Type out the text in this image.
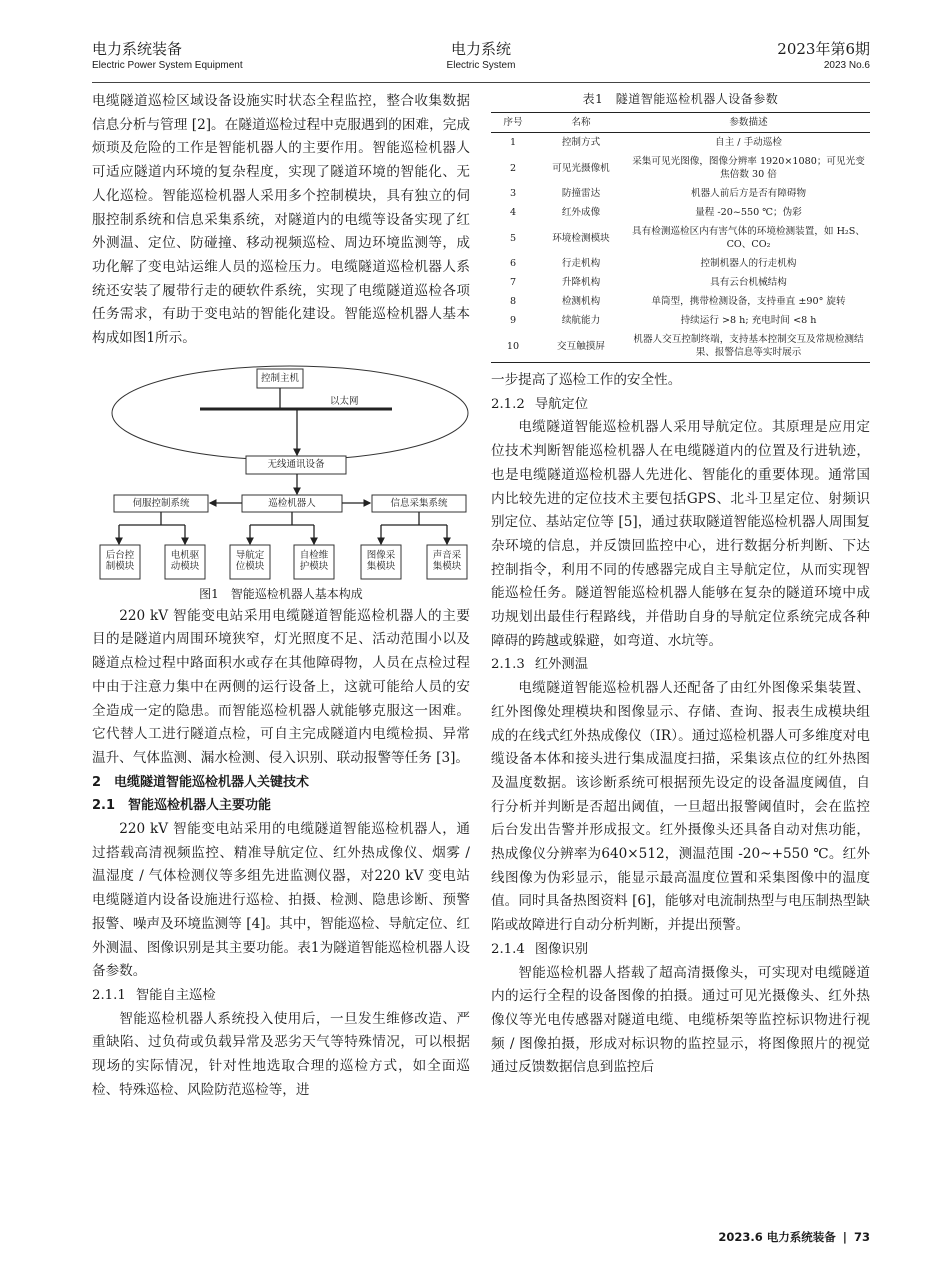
电力系统装备
Electric Power System Equipment
电力系统
Electric System
2023年第6期
2023 No.6

电缆隧道巡检区域设备设施实时状态全程监控，整合收集数据信息分析与管理 [2]。在隧道巡检过程中克服遇到的困难，完成烦琐及危险的工作是智能机器人的主要作用。智能巡检机器人可适应隧道内环境的复杂程度，实现了隧道环境的智能化、无人化巡检。智能巡检机器人采用多个控制模块，具有独立的伺服控制系统和信息采集系统，对隧道内的电缆等设备实现了红外测温、定位、防碰撞、移动视频巡检、周边环境监测等，成功化解了变电站运维人员的巡检压力。电缆隧道巡检机器人系统还安装了履带行走的硬软件系统，实现了电缆隧道巡检各项任务需求，有助于变电站的智能化建设。智能巡检机器人基本构成如图1所示。

控制主机
以太网
无线通讯设备
伺服控制系统	巡检机器人	信息采集系统
后台控制模块
电机驱动模块
导航定位模块
自检维护模块
图像采集模块
声音采集模块
图1　智能巡检机器人基本构成

220 kV 智能变电站采用电缆隧道智能巡检机器人的主要目的是隧道内周围环境狭窄，灯光照度不足、活动范围小以及隧道点检过程中路面积水或存在其他障碍物，人员在点检过程中由于注意力集中在两侧的运行设备上，这就可能给人员的安全造成一定的隐患。而智能巡检机器人就能够克服这一困难。它代替人工进行隧道点检，可自主完成隧道内电缆检损、异常温升、气体监测、漏水检测、侵入识别、联动报警等任务 [3]。

2　电缆隧道智能巡检机器人关键技术

2.1　智能巡检机器人主要功能

220 kV 智能变电站采用的电缆隧道智能巡检机器人，通过搭载高清视频监控、精准导航定位、红外热成像仪、烟雾 / 温湿度 / 气体检测仪等多组先进监测仪器，对220 kV 变电站电缆隧道内设备设施进行巡检、拍摄、检测、隐患诊断、预警报警、噪声及环境监测等 [4]。其中，智能巡检、导航定位、红外测温、图像识别是其主要功能。表1为隧道智能巡检机器人设备参数。

2.1.1 智能自主巡检

智能巡检机器人系统投入使用后，一旦发生维修改造、严重缺陷、过负荷或负载异常及恶劣天气等特殊情况，可以根据现场的实际情况，针对性地选取合理的巡检方式，如全面巡检、特殊巡检、风险防范巡检等，进

表1　隧道智能巡检机器人设备参数
序号	名称	参数描述
1	控制方式	自主 / 手动巡检
2	可见光摄像机	采集可见光图像，图像分辨率 1920×1080；可见光变焦倍数 30 倍
3	防撞雷达	机器人前后方是否有障碍物
4	红外成像	量程 -20~550 ℃；伪彩
5	环境检测模块	具有检测巡检区内有害气体的环境检测装置，如 H₂S、CO、CO₂
6	行走机构	控制机器人的行走机构
7	升降机构	具有云台机械结构
8	检测机构	单筒型，携带检测设备，支持垂直 ±90° 旋转
9	续航能力	持续运行 >8 h; 充电时间 <8 h
10	交互触摸屏	机器人交互控制终端，支持基本控制交互及常规检测结果、报警信息等实时展示

一步提高了巡检工作的安全性。

2.1.2 导航定位

电缆隧道智能巡检机器人采用导航定位。其原理是应用定位技术判断智能巡检机器人在电缆隧道内的位置及行进轨迹，也是电缆隧道巡检机器人先进化、智能化的重要体现。通常国内比较先进的定位技术主要包括GPS、北斗卫星定位、射频识别定位、基站定位等 [5]，通过获取隧道智能巡检机器人周围复杂环境的信息，并反馈回监控中心，进行数据分析判断、下达控制指令，利用不同的传感器完成自主导航定位，从而实现智能巡检任务。隧道智能巡检机器人能够在复杂的隧道环境中成功规划出最佳行程路线，并借助自身的导航定位系统完成各种障碍的跨越或躲避，如弯道、水坑等。

2.1.3 红外测温

电缆隧道智能巡检机器人还配备了由红外图像采集装置、红外图像处理模块和图像显示、存储、查询、报表生成模块组成的在线式红外热成像仪（IR）。通过巡检机器人可多维度对电缆设备本体和接头进行集成温度扫描，采集该点位的红外热图及温度数据。该诊断系统可根据预先设定的设备温度阈值，自行分析并判断是否超出阈值，一旦超出报警阈值时，会在监控后台发出告警并形成报文。红外摄像头还具备自动对焦功能，热成像仪分辨率为640×512，测温范围 -20~+550 ℃。红外线图像为伪彩显示，能显示最高温度位置和采集图像中的温度值。同时具备热图资料 [6]，能够对电流制热型与电压制热型缺陷或故障进行自动分析判断，并提出预警。

2.1.4 图像识别

智能巡检机器人搭载了超高清摄像头，可实现对电缆隧道内的运行全程的设备图像的拍摄。通过可见光摄像头、红外热像仪等光电传感器对隧道电缆、电缆桥架等监控标识物进行视频 / 图像拍摄，形成对标识物的监控显示，将图像照片的视觉通过反馈数据信息到监控后

2023.6 电力系统装备 | 73
